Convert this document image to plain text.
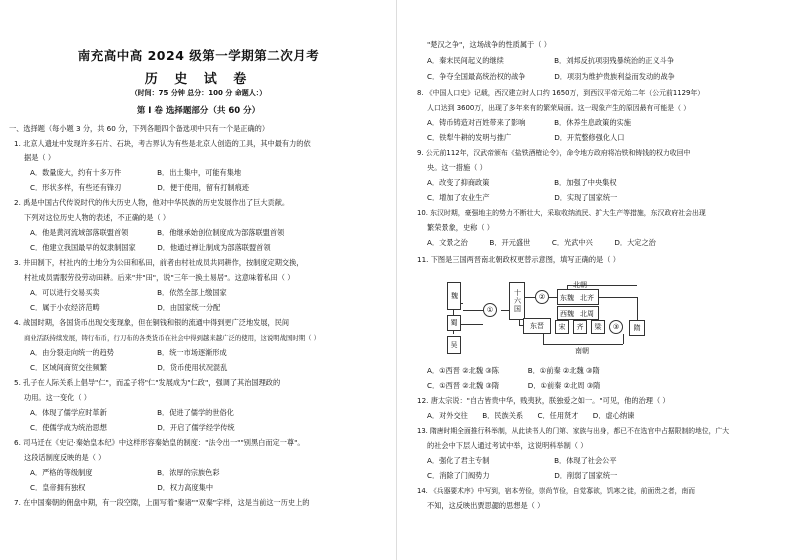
南充高中高 2024 级第一学期第二次月考
历 史 试 卷
（时间：75 分钟 总分：100 分 命题人：）
第 I 卷 选择题部分（共 60 分）
一、选择题（每小题 3 分，共 60 分，下列各题四个备选项中只有一个是正确的）
1. 北京人遗址中发现许多石片、石块，考古界认为有些是北京人创造的工具，其中最有力的依
据是（ ）
A．数量庞大，约有十多万件　　　　　B．出土集中，可能有集地
C．形状多样，有些还有锋刃　　　　　D．便于使用，留有打制痕迹
2. 禹是中国古代传说时代的伟大历史人物，他对中华民族的历史发展作出了巨大贡献。
下列对这位历史人物的表述，不正确的是（ ）
A．他是黄河流域部落联盟首领　　　　B．他继承始创位制度成为部落联盟首领
C．他建立我国最早的奴隶制国家　　　D．他通过禅让制成为部落联盟首领
3. 井田制下，村社内的土地分为公田和私田，前者由村社成员共同耕作，按制度定期交换，
村社成员需服劳役劳动田耕。后来"井"田"，说"三年一换土易居"。这意味着私田（ ）
A．可以进行交易买卖　　　　　　　　B．依然全部上缴国家
C．属于小农经济范畴　　　　　　　　D．由国家统一分配
4. 战国时期，各国货币出现交变现象，但在铜钱和银的流通中得到更广泛地发展，民间
商业活跃持续发展，铸行布币，行刀布的各类货币在社会中得到越来越广泛的使用，这说明战国时期（ ）
A．由分裂走向统一的趋势　　　　　　B．统一市场逐渐形成
C．区域间商贸交往频繁　　　　　　　D．货币使用状况混乱
5. 孔子在人际关系上倡导"仁"，而孟子将"仁"发展成为"仁政"，强调了其治国理政的
功用。这一变化（ ）
A．体现了儒学应时革新　　　　　　　B．促进了儒学的世俗化
C．使儒学成为统治思想　　　　　　　D．开启了儒学经学传统
6. 司马迁在《史记·秦始皇本纪》中这样形容秦始皇的制度："法令出一""别黑白而定一尊"。
这段话制度反映的是（ ）
A．严格的等级制度　　　　　　　　　B．浓厚的宗族色彩
C．皇帝拥有独权　　　　　　　　　　D．权力高度集中
7. 在中国秦朝的佣盘中期，有一段空隙，上面写着"秦诸""双秦"字样，这是当前这一历史上的
"楚汉之争"，这场战争的性质属于（ ）
A．秦末民间起义的继续　　　　　　　B．刘邦反抗项羽残暴统治的正义斗争
C．争夺全国最高统治权的战争　　　　D．项羽为维护贵族利益而发动的战争
8. 《中国人口史》记载，西汉建立时人口约 1650万，到西汉平帝元始二年（公元前1129年）
人口达到 3600万，出现了多年来有的繁荣局面。这一现象产生的原因最有可能是（ ）
A．铸币铸造对百姓带来了影响　　　　B．休养生息政策的实施
C．铁犁牛耕的发明与推广　　　　　　D．开荒整修强化人口
9. 公元前112年，汉武帝颁布《盐铁酒榷论令》，命令地方政府将冶铁和铸钱的权力收回中
央。这一措施（ ）
A．改变了抑商政策　　　　　　　　　B．加强了中央集权
C．增加了农业生产　　　　　　　　　D．实现了国家统一
10. 东汉时期，豪强地主的势力不断壮大，采取收纳流民、扩大生产等措施，东汉政府社会出现
繁荣景象，史称（ ）
A．文景之治　　　B．开元盛世　　　C．光武中兴　　　D．大定之治
11. 下图是三国两晋南北朝政权更替示意图，填写正确的是（ ）
A．①西晋 ②北魏 ③陈　　　　B．①前秦 ②北魏 ③隋
C．①西晋 ②北魏 ③隋　　　　D．①前秦 ②北周 ③隋
12. 唐太宗说："自古皆贵中华，贱夷狄，朕独爱之如一。"可见，他的治理（ ）
A．对外交往　　B．民族关系　　C．任用贤才　　D．虚心纳谏
13. 隋唐时期全面推行科举制，从此读书人的门第、家族与出身，都已不在选官中占据限制的地位，广大
的社会中下层人通过考试中举，这说明科举制（ ）
A．强化了君主专制　　　　　　　　　B．体现了社会公平
C．消除了门阀势力　　　　　　　　　D．削弱了国家统一
14. 《兵器要术序》中写到，宿本劳俭，崇尚节俭，自觉寡欲，饥寒之徒，前面贵之者，南而
不知，这反映出贾思勰的思想是（ ）
魏
蜀
吴
①	十六国 ②
北朝
东魏 北齐
西魏 北周
隋
东晋 宋 齐 梁 ③
南朝
